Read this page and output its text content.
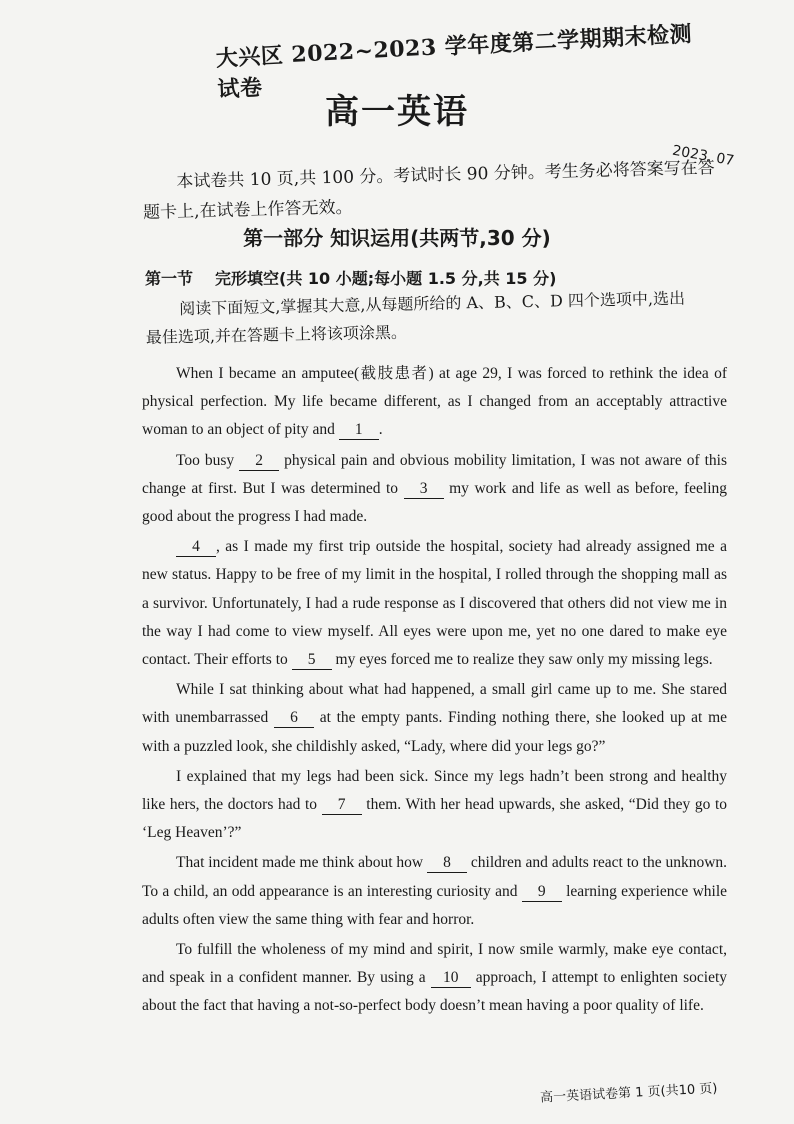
大兴区 2022~2023 学年度第二学期期末检测试卷
高一英语
2023. 07
本试卷共 10 页,共 100 分。考试时长 90 分钟。考生务必将答案写在答
题卡上,在试卷上作答无效。
第一部分 知识运用(共两节,30 分)
第一节 完形填空(共 10 小题;每小题 1.5 分,共 15 分)
阅读下面短文,掌握其大意,从每题所给的 A、B、C、D 四个选项中,选出
最佳选项,并在答题卡上将该项涂黑。

When I became an amputee(截肢患者) at age 29, I was forced to rethink the idea of physical perfection. My life became different, as I changed from an acceptably attractive woman to an object of pity and 1 .

Too busy 2 physical pain and obvious mobility limitation, I was not aware of this change at first. But I was determined to 3 my work and life as well as before, feeling good about the progress I had made.

4 , as I made my first trip outside the hospital, society had already assigned me a new status. Happy to be free of my limit in the hospital, I rolled through the shopping mall as a survivor. Unfortunately, I had a rude response as I discovered that others did not view me in the way I had come to view myself. All eyes were upon me, yet no one dared to make eye contact. Their efforts to 5 my eyes forced me to realize they saw only my missing legs.

While I sat thinking about what had happened, a small girl came up to me. She stared with unembarrassed 6 at the empty pants. Finding nothing there, she looked up at me with a puzzled look, she childishly asked, “Lady, where did your legs go?”

I explained that my legs had been sick. Since my legs hadn’t been strong and healthy like hers, the doctors had to 7 them. With her head upwards, she asked, “Did they go to ‘Leg Heaven’?”

That incident made me think about how 8 children and adults react to the unknown. To a child, an odd appearance is an interesting curiosity and 9 learning experience while adults often view the same thing with fear and horror.

To fulfill the wholeness of my mind and spirit, I now smile warmly, make eye contact, and speak in a confident manner. By using a 10 approach, I attempt to enlighten society about the fact that having a not-so-perfect body doesn’t mean having a poor quality of life.

高一英语试卷第 1 页(共10 页)
